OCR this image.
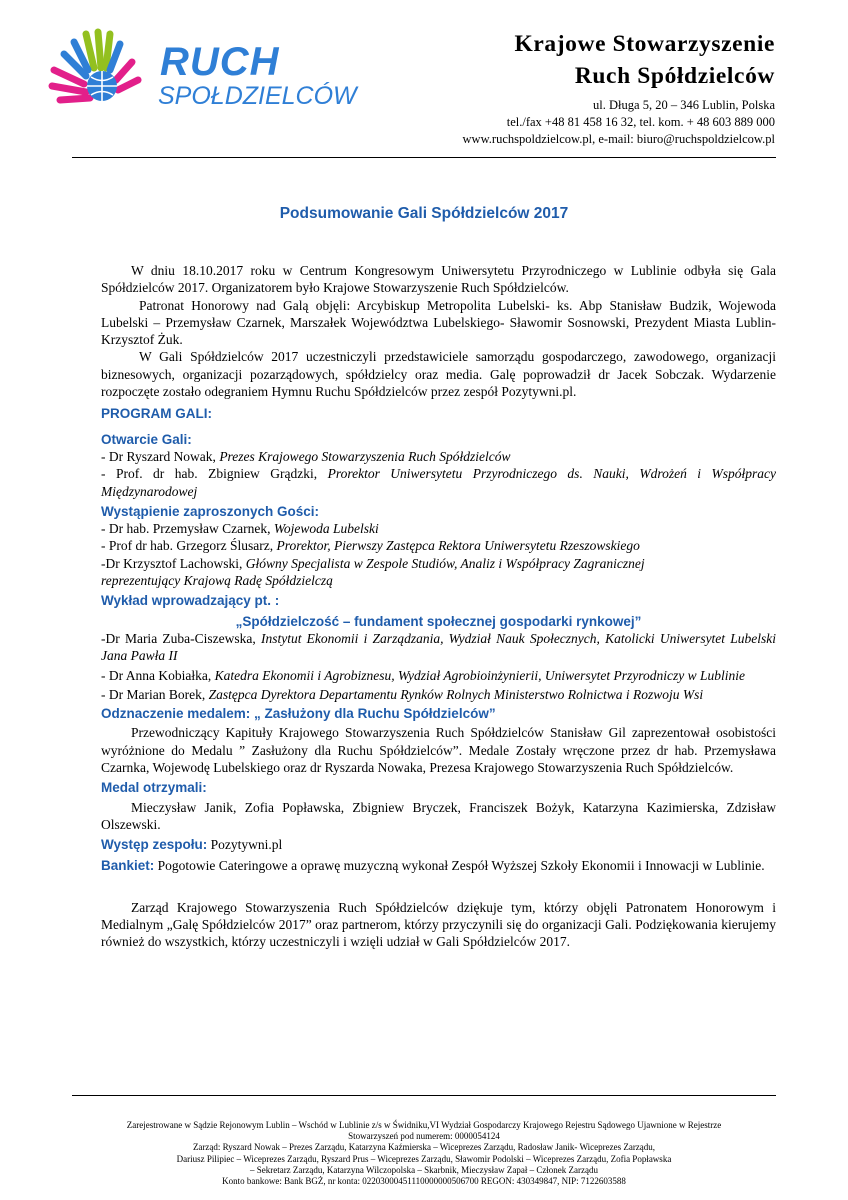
RUCH
SPOŁDZIELCÓW
Krajowe Stowarzyszenie
Ruch Spółdzielców
ul. Długa 5, 20 – 346 Lublin, Polska
tel./fax +48 81 458 16 32, tel. kom. + 48 603 889 000
www.ruchspoldzielcow.pl, e-mail: biuro@ruchspoldzielcow.pl
Podsumowanie Gali Spółdzielców 2017

W dniu 18.10.2017 roku w Centrum Kongresowym Uniwersytetu Przyrodniczego w Lublinie odbyła się Gala Spółdzielców 2017. Organizatorem było Krajowe Stowarzyszenie Ruch Spółdzielców.

Patronat Honorowy nad Galą objęli: Arcybiskup Metropolita Lubelski- ks. Abp Stanisław Budzik, Wojewoda Lubelski – Przemysław Czarnek, Marszałek Województwa Lubelskiego- Sławomir Sosnowski, Prezydent Miasta Lublin- Krzysztof Żuk.

W Gali Spółdzielców 2017 uczestniczyli przedstawiciele samorządu gospodarczego, zawodowego, organizacji biznesowych, organizacji pozarządowych, spółdzielcy oraz media. Galę poprowadził dr Jacek Sobczak. Wydarzenie rozpoczęte zostało odegraniem Hymnu Ruchu Spółdzielców przez zespół Pozytywni.pl.

PROGRAM GALI:

Otwarcie Gali:

- Dr Ryszard Nowak, Prezes Krajowego Stowarzyszenia Ruch Spółdzielców

- Prof. dr hab. Zbigniew Grądzki, Prorektor Uniwersytetu Przyrodniczego ds. Nauki, Wdrożeń i Współpracy Międzynarodowej

Wystąpienie zaproszonych Gości:

- Dr hab. Przemysław Czarnek, Wojewoda Lubelski

- Prof dr hab. Grzegorz Ślusarz, Prorektor, Pierwszy Zastępca Rektora Uniwersytetu Rzeszowskiego

-Dr Krzysztof Lachowski, Główny Specjalista w Zespole Studiów, Analiz i Współpracy Zagranicznej reprezentujący Krajową Radę Spółdzielczą

Wykład wprowadzający pt. :

„Spółdzielczość – fundament społecznej gospodarki rynkowej”

-Dr Maria Zuba-Ciszewska, Instytut Ekonomii i Zarządzania, Wydział Nauk Społecznych, Katolicki Uniwersytet Lubelski Jana Pawła II

- Dr Anna Kobiałka, Katedra Ekonomii i Agrobiznesu, Wydział Agrobioinżynierii, Uniwersytet Przyrodniczy w Lublinie

- Dr Marian Borek, Zastępca Dyrektora Departamentu Rynków Rolnych Ministerstwo Rolnictwa i Rozwoju Wsi

Odznaczenie medalem: „ Zasłużony dla Ruchu Spółdzielców”

Przewodniczący Kapituły Krajowego Stowarzyszenia Ruch Spółdzielców Stanisław Gil zaprezentował osobistości wyróżnione do Medalu ” Zasłużony dla Ruchu Spółdzielców”. Medale Zostały wręczone przez dr hab. Przemysława Czarnka, Wojewodę Lubelskiego oraz dr Ryszarda Nowaka, Prezesa Krajowego Stowarzyszenia Ruch Spółdzielców.

Medal otrzymali:

Mieczysław Janik, Zofia Popławska, Zbigniew Bryczek, Franciszek Bożyk, Katarzyna Kazimierska, Zdzisław Olszewski.

Występ zespołu: Pozytywni.pl

Bankiet: Pogotowie Cateringowe a oprawę muzyczną wykonał Zespół Wyższej Szkoły Ekonomii i Innowacji w Lublinie.

Zarząd Krajowego Stowarzyszenia Ruch Spółdzielców dziękuje tym, którzy objęli Patronatem Honorowym i Medialnym „Galę Spółdzielców 2017” oraz partnerom, którzy przyczynili się do organizacji Gali. Podziękowania kierujemy również do wszystkich, którzy uczestniczyli i wzięli udział w Gali Spółdzielców 2017.

Zarejestrowane w Sądzie Rejonowym Lublin – Wschód w Lublinie z/s w Świdniku,VI Wydział Gospodarczy Krajowego Rejestru Sądowego Ujawnione w Rejestrze
Stowarzyszeń pod numerem: 0000054124
Zarząd: Ryszard Nowak – Prezes Zarządu, Katarzyna Kaźmierska – Wiceprezes Zarządu, Radosław Janik- Wiceprezes Zarządu,
Dariusz Pilipiec – Wiceprezes Zarządu, Ryszard Prus – Wiceprezes Zarządu, Sławomir Podolski – Wiceprezes Zarządu, Zofia Popławska
– Sekretarz Zarządu, Katarzyna Wilczopolska – Skarbnik, Mieczysław Zapał – Członek Zarządu
Konto bankowe: Bank BGŻ, nr konta: 02203000451110000000506700 REGON: 430349847, NIP: 7122603588
